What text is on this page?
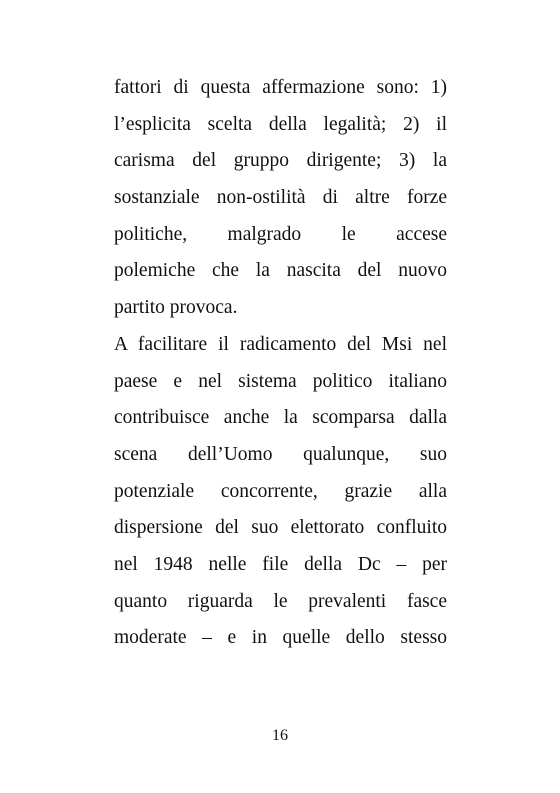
fattori di questa affermazione sono: 1)
l’esplicita scelta della legalità; 2) il
carisma del gruppo dirigente; 3) la
sostanziale non-ostilità di altre forze
politiche, malgrado le accese
polemiche che la nascita del nuovo
partito provoca.
A facilitare il radicamento del Msi nel
paese e nel sistema politico italiano
contribuisce anche la scomparsa dalla
scena dell’Uomo qualunque, suo
potenziale concorrente, grazie alla
dispersione del suo elettorato confluito
nel 1948 nelle file della Dc – per
quanto riguarda le prevalenti fasce
moderate – e in quelle dello stesso
16
